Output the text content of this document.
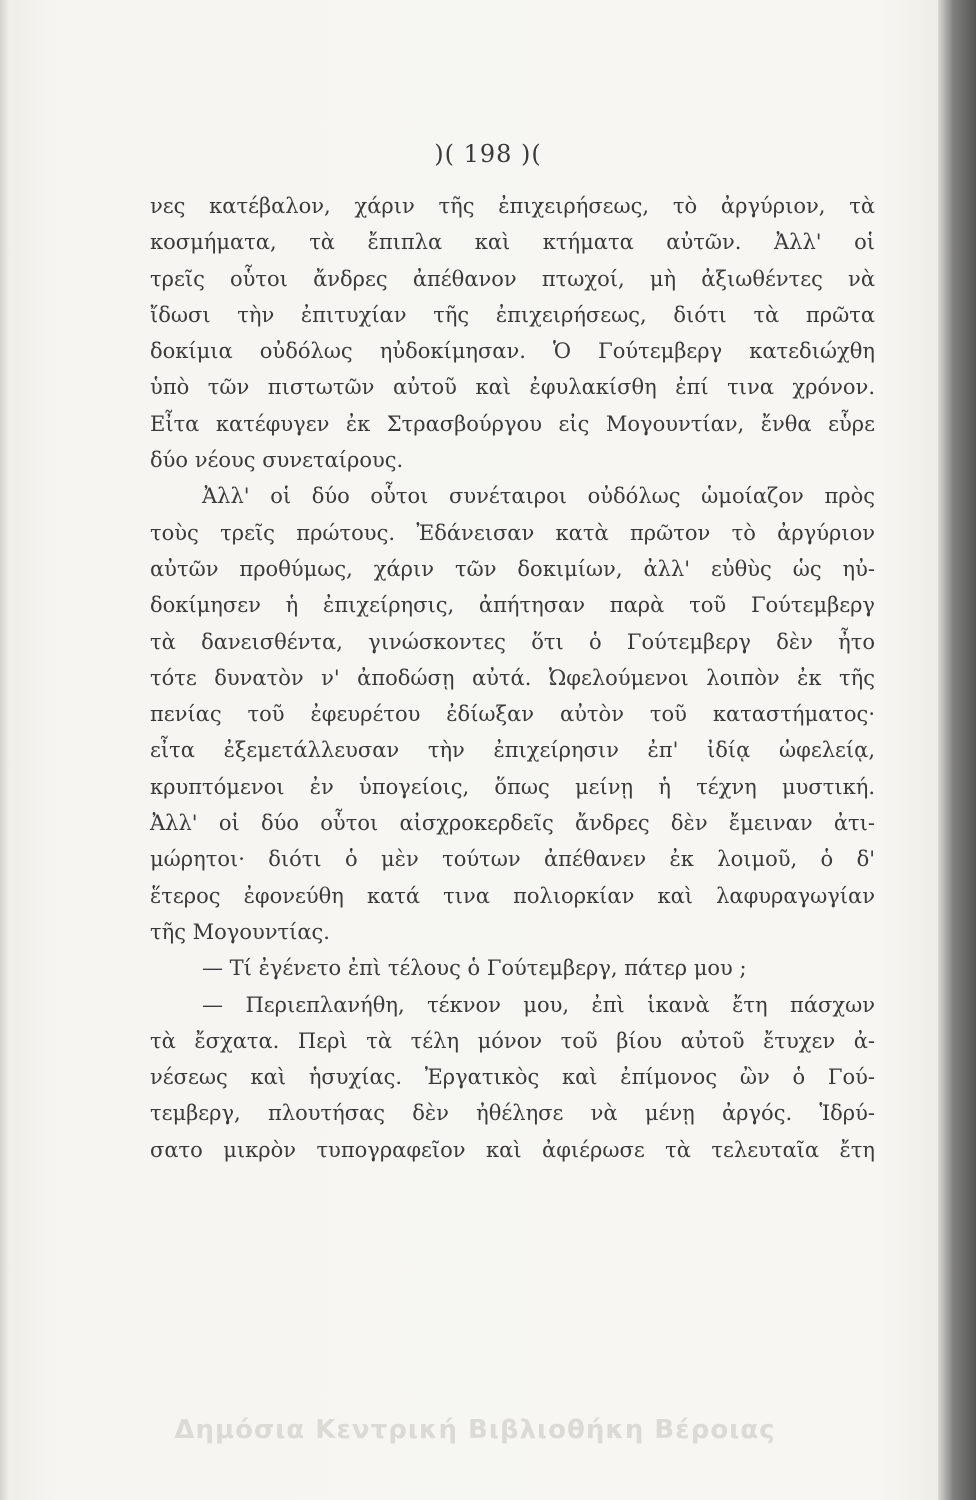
)( 198 )(
νες κατέβαλον, χάριν τῆς ἐπιχειρήσεως, τὸ ἀργύριον, τὰ
κοσμήματα, τὰ ἔπιπλα καὶ κτήματα αὐτῶν. Ἀλλ' οἱ
τρεῖς οὗτοι ἄνδρες ἀπέθανον πτωχοί, μὴ ἀξιωθέντες νὰ
ἴδωσι τὴν ἐπιτυχίαν τῆς ἐπιχειρήσεως, διότι τὰ πρῶτα
δοκίμια οὐδόλως ηὐδοκίμησαν. Ὁ Γούτεμβεργ κατεδιώχθη
ὑπὸ τῶν πιστωτῶν αὐτοῦ καὶ ἐφυλακίσθη ἐπί τινα χρόνον.
Εἶτα κατέφυγεν ἐκ Στρασβούργου εἰς Μογουντίαν, ἔνθα εὗρε
δύο νέους συνεταίρους.
Ἀλλ' οἱ δύο οὗτοι συνέταιροι οὐδόλως ὡμοίαζον πρὸς
τοὺς τρεῖς πρώτους. Ἐδάνεισαν κατὰ πρῶτον τὸ ἀργύριον
αὐτῶν προθύμως, χάριν τῶν δοκιμίων, ἀλλ' εὐθὺς ὡς ηὐ-
δοκίμησεν ἡ ἐπιχείρησις, ἀπήτησαν παρὰ τοῦ Γούτεμβεργ
τὰ δανεισθέντα, γινώσκοντες ὅτι ὁ Γούτεμβεργ δὲν ἦτο
τότε δυνατὸν ν' ἀποδώσῃ αὐτά. Ὠφελούμενοι λοιπὸν ἐκ τῆς
πενίας τοῦ ἐφευρέτου ἐδίωξαν αὐτὸν τοῦ καταστήματος·
εἶτα ἐξεμετάλλευσαν τὴν ἐπιχείρησιν ἐπ' ἰδίᾳ ὠφελείᾳ,
κρυπτόμενοι ἐν ὑπογείοις, ὅπως μείνῃ ἡ τέχνη μυστική.
Ἀλλ' οἱ δύο οὗτοι αἰσχροκερδεῖς ἄνδρες δὲν ἔμειναν ἀτι-
μώρητοι· διότι ὁ μὲν τούτων ἀπέθανεν ἐκ λοιμοῦ, ὁ δ'
ἕτερος ἐφονεύθη κατά τινα πολιορκίαν καὶ λαφυραγωγίαν
τῆς Μογουντίας.
— Τί ἐγένετο ἐπὶ τέλους ὁ Γούτεμβεργ, πάτερ μου ;
— Περιεπλανήθη, τέκνον μου, ἐπὶ ἱκανὰ ἔτη πάσχων
τὰ ἔσχατα. Περὶ τὰ τέλη μόνον τοῦ βίου αὐτοῦ ἔτυχεν ἀ-
νέσεως καὶ ἡσυχίας. Ἐργατικὸς καὶ ἐπίμονος ὢν ὁ Γού-
τεμβεργ, πλουτήσας δὲν ἠθέλησε νὰ μένῃ ἀργός. Ἱδρύ-
σατο μικρὸν τυπογραφεῖον καὶ ἀφιέρωσε τὰ τελευταῖα ἔτη
Δημόσια Κεντρική Βιβλιοθήκη Βέροιας
